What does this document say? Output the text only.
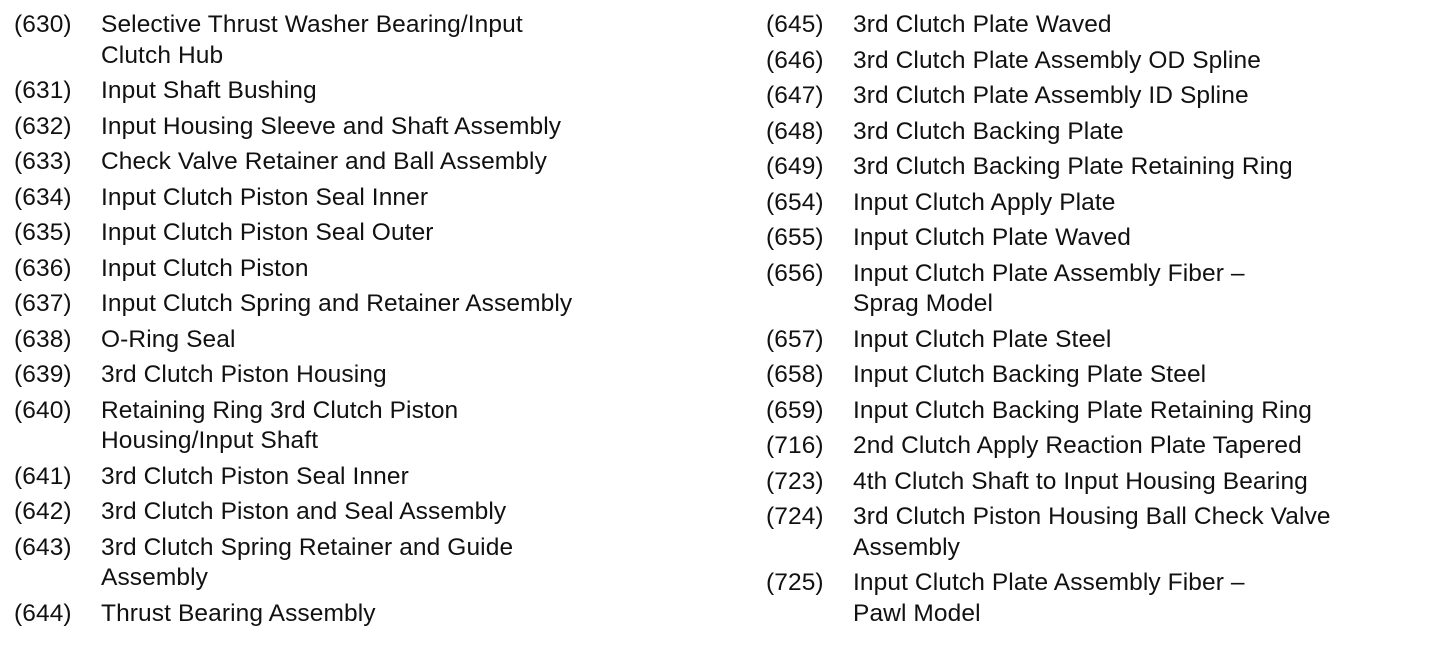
(630)	Selective Thrust Washer Bearing/Input
Clutch Hub
(631)	Input Shaft Bushing
(632)	Input Housing Sleeve and Shaft Assembly
(633)	Check Valve Retainer and Ball Assembly
(634)	Input Clutch Piston Seal Inner
(635)	Input Clutch Piston Seal Outer
(636)	Input Clutch Piston
(637)	Input Clutch Spring and Retainer Assembly
(638)	O-Ring Seal
(639)	3rd Clutch Piston Housing
(640)	Retaining Ring 3rd Clutch Piston
Housing/Input Shaft
(641)	3rd Clutch Piston Seal Inner
(642)	3rd Clutch Piston and Seal Assembly
(643)	3rd Clutch Spring Retainer and Guide
Assembly
(644)	Thrust Bearing Assembly
(645)	3rd Clutch Plate Waved
(646)	3rd Clutch Plate Assembly OD Spline
(647)	3rd Clutch Plate Assembly ID Spline
(648)	3rd Clutch Backing Plate
(649)	3rd Clutch Backing Plate Retaining Ring
(654)	Input Clutch Apply Plate
(655)	Input Clutch Plate Waved
(656)	Input Clutch Plate Assembly Fiber –
Sprag Model
(657)	Input Clutch Plate Steel
(658)	Input Clutch Backing Plate Steel
(659)	Input Clutch Backing Plate Retaining Ring
(716)	2nd Clutch Apply Reaction Plate Tapered
(723)	4th Clutch Shaft to Input Housing Bearing
(724)	3rd Clutch Piston Housing Ball Check Valve
Assembly
(725)	Input Clutch Plate Assembly Fiber –
Pawl Model
